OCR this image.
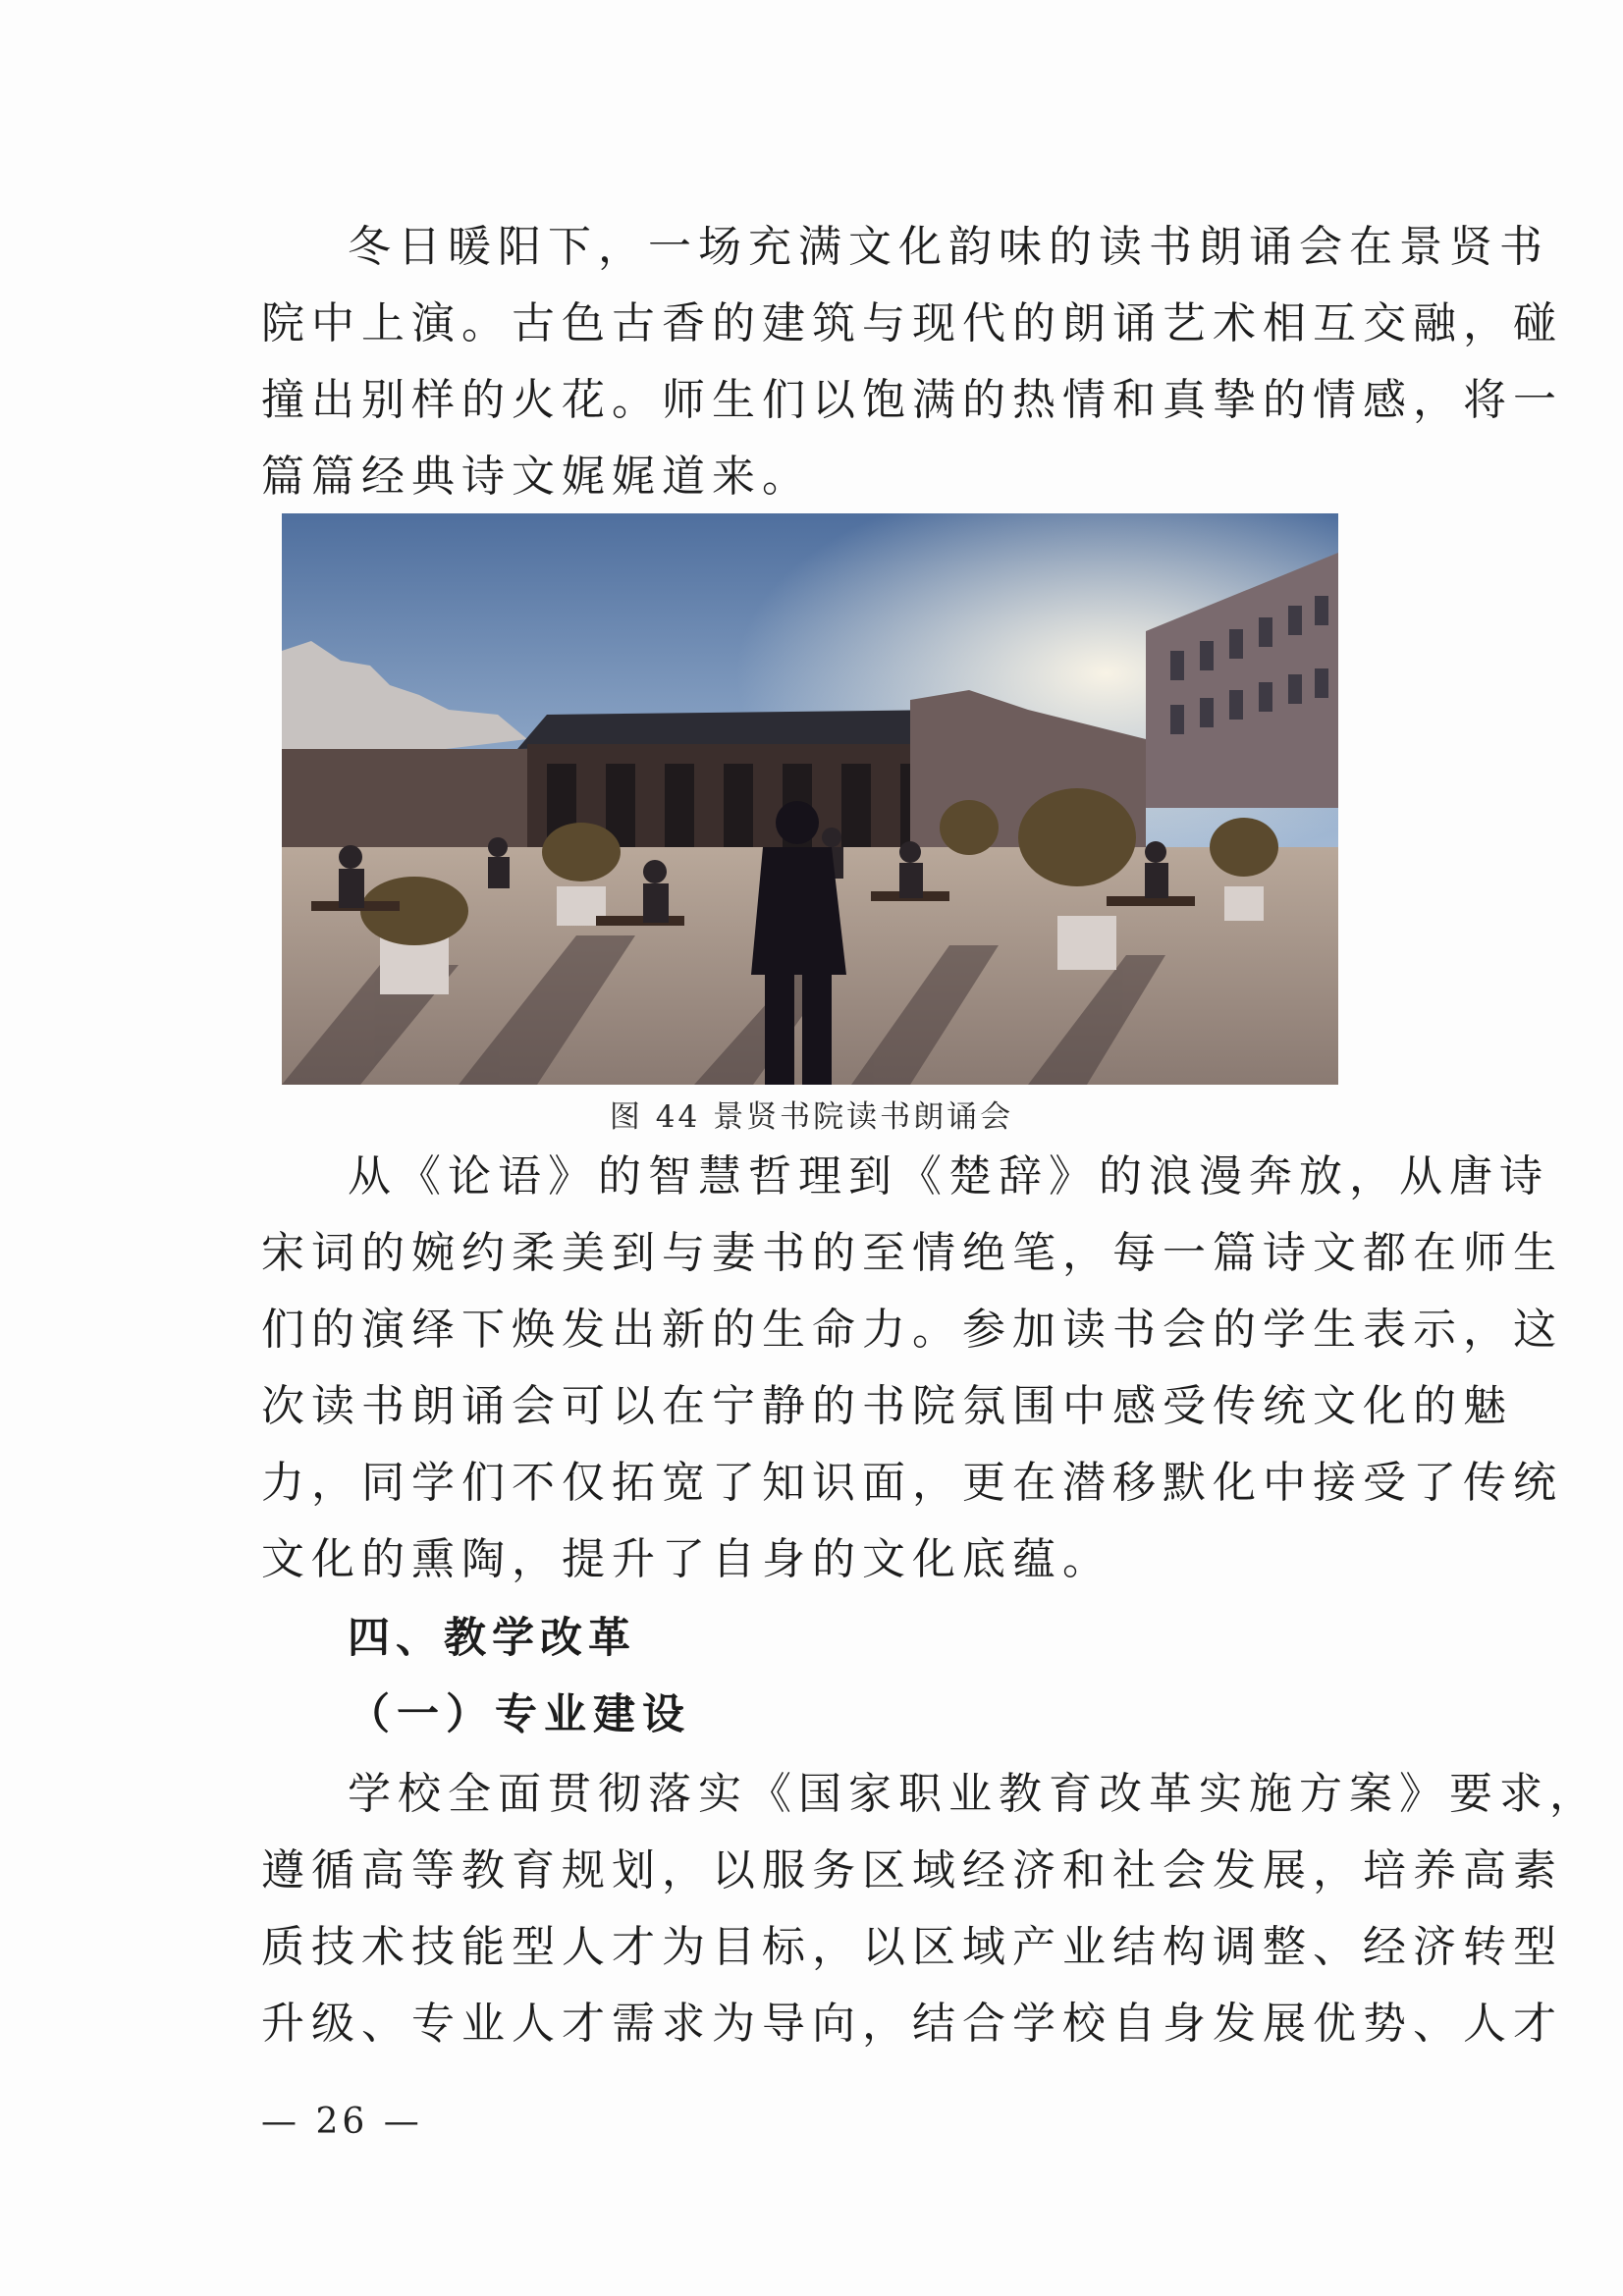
冬日暖阳下，一场充满文化韵味的读书朗诵会在景贤书
院中上演。古色古香的建筑与现代的朗诵艺术相互交融，碰
撞出别样的火花。师生们以饱满的热情和真挚的情感，将一
篇篇经典诗文娓娓道来。
图 44 景贤书院读书朗诵会
从《论语》的智慧哲理到《楚辞》的浪漫奔放，从唐诗
宋词的婉约柔美到与妻书的至情绝笔，每一篇诗文都在师生
们的演绎下焕发出新的生命力。参加读书会的学生表示，这
次读书朗诵会可以在宁静的书院氛围中感受传统文化的魅
力，同学们不仅拓宽了知识面，更在潜移默化中接受了传统
文化的熏陶，提升了自身的文化底蕴。
四、教学改革
（一）专业建设
学校全面贯彻落实《国家职业教育改革实施方案》要求，
遵循高等教育规划，以服务区域经济和社会发展，培养高素
质技术技能型人才为目标，以区域产业结构调整、经济转型
升级、专业人才需求为导向，结合学校自身发展优势、人才
— 26 —
